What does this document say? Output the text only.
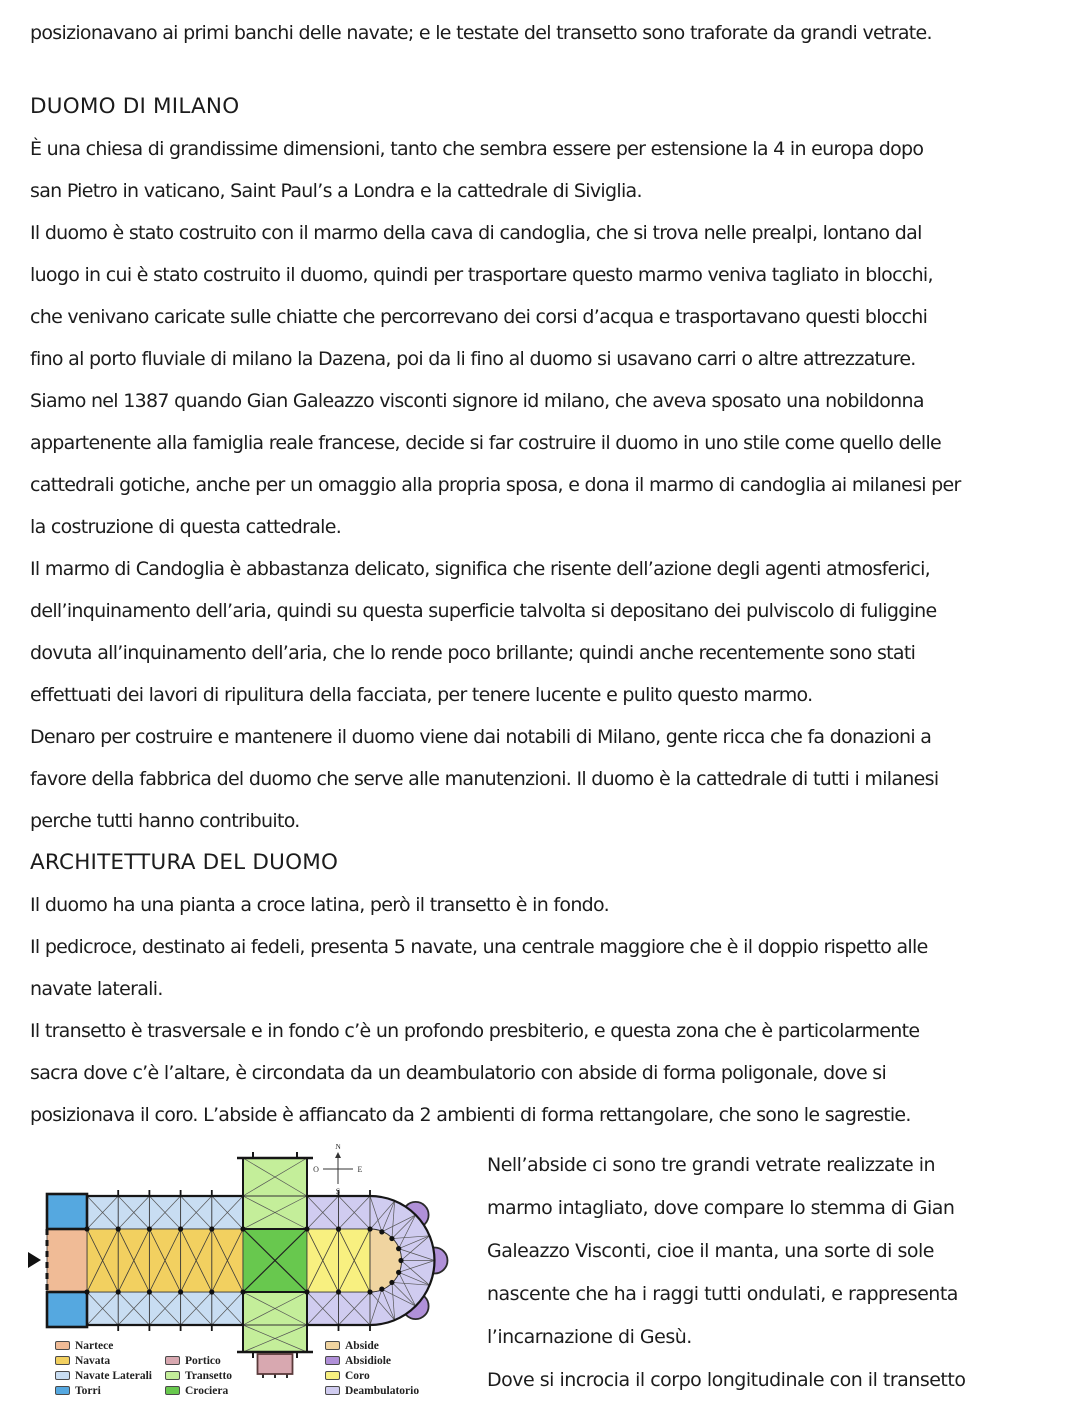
posizionavano ai primi banchi delle navate; e le testate del transetto sono traforate da grandi vetrate.
DUOMO DI MILANO
È una chiesa di grandissime dimensioni, tanto che sembra essere per estensione la 4 in europa dopo
san Pietro in vaticano, Saint Paul’s a Londra e la cattedrale di Siviglia.
Il duomo è stato costruito con il marmo della cava di candoglia, che si trova nelle prealpi, lontano dal
luogo in cui è stato costruito il duomo, quindi per trasportare questo marmo veniva tagliato in blocchi,
che venivano caricate sulle chiatte che percorrevano dei corsi d’acqua e trasportavano questi blocchi
fino al porto fluviale di milano la Dazena, poi da li fino al duomo si usavano carri o altre attrezzature.
Siamo nel 1387 quando Gian Galeazzo visconti signore id milano, che aveva sposato una nobildonna
appartenente alla famiglia reale francese, decide si far costruire il duomo in uno stile come quello delle
cattedrali gotiche, anche per un omaggio alla propria sposa, e dona il marmo di candoglia ai milanesi per
la costruzione di questa cattedrale.
Il marmo di Candoglia è abbastanza delicato, significa che risente dell’azione degli agenti atmosferici,
dell’inquinamento dell’aria, quindi su questa superficie talvolta si depositano dei pulviscolo di fuliggine
dovuta all’inquinamento dell’aria, che lo rende poco brillante; quindi anche recentemente sono stati
effettuati dei lavori di ripulitura della facciata, per tenere lucente e pulito questo marmo.
Denaro per costruire e mantenere il duomo viene dai notabili di Milano, gente ricca che fa donazioni a
favore della fabbrica del duomo che serve alle manutenzioni. Il duomo è la cattedrale di tutti i milanesi
perche tutti hanno contribuito.
ARCHITETTURA DEL DUOMO
Il duomo ha una pianta a croce latina, però il transetto è in fondo.
Il pedicroce, destinato ai fedeli, presenta 5 navate, una centrale maggiore che è il doppio rispetto alle
navate laterali.
Il transetto è trasversale e in fondo c’è un profondo presbiterio, e questa zona che è particolarmente
sacra dove c’è l’altare, è circondata da un deambulatorio con abside di forma poligonale, dove si
posizionava il coro. L’abside è affiancato da 2 ambienti di forma rettangolare, che sono le sagrestie.
N
S
O	E
Nartece
Navata
Navate Laterali
Torri
Portico
Transetto
Crociera
Abside
Absidiole
Coro
Deambulatorio
Nell’abside ci sono tre grandi vetrate realizzate in
marmo intagliato, dove compare lo stemma di Gian
Galeazzo Visconti, cioe il manta, una sorte di sole
nascente che ha i raggi tutti ondulati, e rappresenta
l’incarnazione di Gesù.
Dove si incrocia il corpo longitudinale con il transetto
